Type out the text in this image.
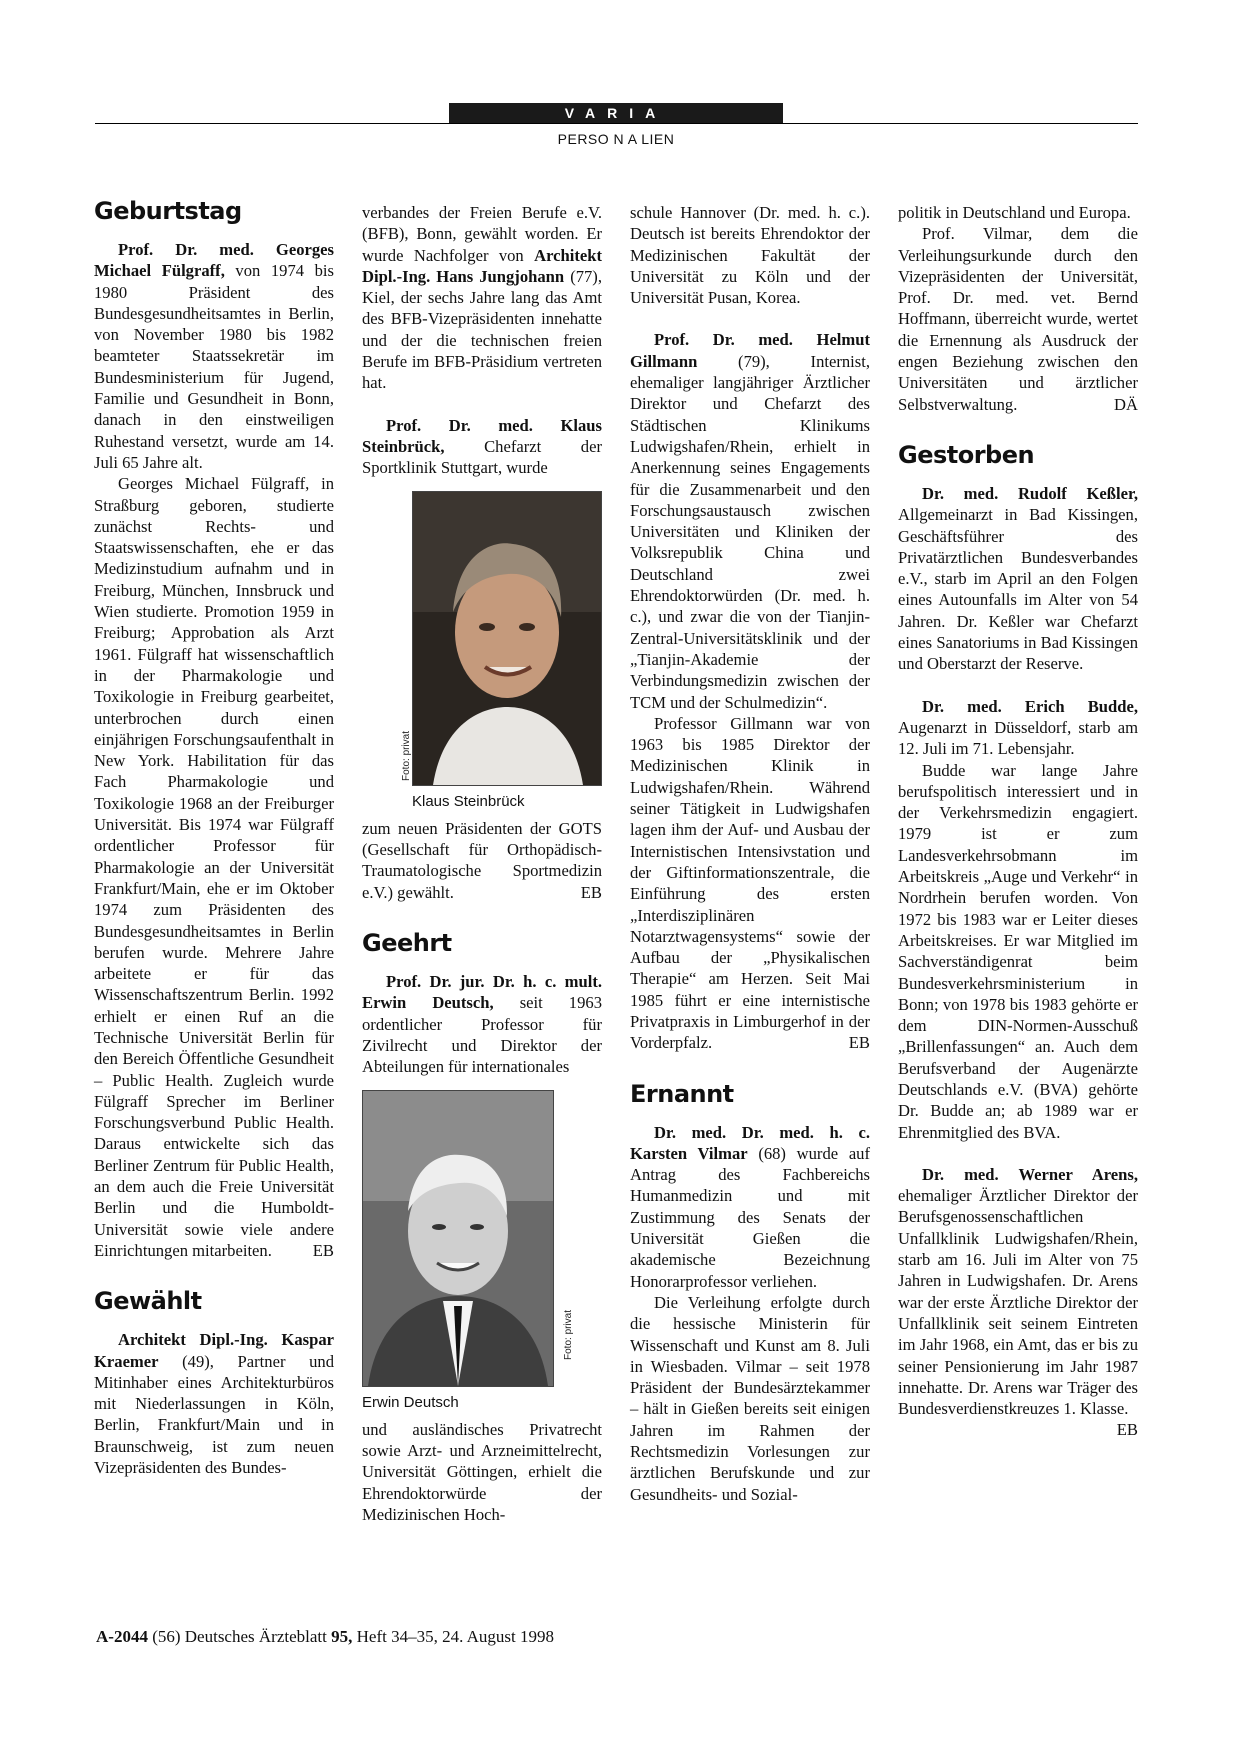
VARIA
PERSO N A LIEN
Geburtstag

Prof. Dr. med. Georges Michael Fülgraff, von 1974 bis 1980 Präsident des Bundesgesundheitsamtes in Berlin, von November 1980 bis 1982 beamteter Staatssekretär im Bundesministerium für Jugend, Familie und Gesundheit in Bonn, danach in den einstweiligen Ruhestand versetzt, wurde am 14. Juli 65 Jahre alt.

Georges Michael Fülgraff, in Straßburg geboren, studierte zunächst Rechts- und Staatswissenschaften, ehe er das Medizinstudium aufnahm und in Freiburg, München, Innsbruck und Wien studierte. Promotion 1959 in Freiburg; Approbation als Arzt 1961. Fülgraff hat wissenschaftlich in der Pharmakologie und Toxikologie in Freiburg gearbeitet, unterbrochen durch einen einjährigen Forschungsaufenthalt in New York. Habilitation für das Fach Pharmakologie und Toxikologie 1968 an der Freiburger Universität. Bis 1974 war Fülgraff ordentlicher Professor für Pharmakologie an der Universität Frankfurt/Main, ehe er im Oktober 1974 zum Präsidenten des Bundesgesundheitsamtes in Berlin berufen wurde. Mehrere Jahre arbeitete er für das Wissenschaftszentrum Berlin. 1992 erhielt er einen Ruf an die Technische Universität Berlin für den Bereich Öffentliche Gesundheit – Public Health. Zugleich wurde Fülgraff Sprecher im Berliner Forschungsverbund Public Health. Daraus entwickelte sich das Berliner Zentrum für Public Health, an dem auch die Freie Universität Berlin und die Humboldt-Universität sowie viele andere Einrichtungen mitarbeiten.	EB

Gewählt

Architekt Dipl.-Ing. Kaspar Kraemer (49), Partner und Mitinhaber eines Architekturbüros mit Niederlassungen in Köln, Berlin, Frankfurt/Main und in Braunschweig, ist zum neuen Vizepräsidenten des Bundes-

verbandes der Freien Berufe e.V. (BFB), Bonn, gewählt worden. Er wurde Nachfolger von Architekt Dipl.-Ing. Hans Jungjohann (77), Kiel, der sechs Jahre lang das Amt des BFB-Vizepräsidenten innehatte und der die technischen freien Berufe im BFB-Präsidium vertreten hat.

Prof. Dr. med. Klaus Steinbrück, Chefarzt der Sportklinik Stuttgart, wurde

Foto: privat
Klaus Steinbrück

zum neuen Präsidenten der GOTS (Gesellschaft für Orthopädisch-Traumatologische Sportmedizin e.V.) gewählt.	EB

Geehrt

Prof. Dr. jur. Dr. h. c. mult. Erwin Deutsch, seit 1963 ordentlicher Professor für Zivilrecht und Direktor der Abteilungen für internationales

Foto: privat
Erwin Deutsch

und ausländisches Privatrecht sowie Arzt- und Arzneimittelrecht, Universität Göttingen, erhielt die Ehrendoktorwürde der Medizinischen Hoch-

schule Hannover (Dr. med. h. c.). Deutsch ist bereits Ehrendoktor der Medizinischen Fakultät der Universität zu Köln und der Universität Pusan, Korea.

Prof. Dr. med. Helmut Gillmann (79), Internist, ehemaliger langjähriger Ärztlicher Direktor und Chefarzt des Städtischen Klinikums Ludwigshafen/Rhein, erhielt in Anerkennung seines Engagements für die Zusammenarbeit und den Forschungsaustausch zwischen Universitäten und Kliniken der Volksrepublik China und Deutschland zwei Ehrendoktorwürden (Dr. med. h. c.), und zwar die von der Tianjin-Zentral-Universitätsklinik und der „Tianjin-Akademie der Verbindungsmedizin zwischen der TCM und der Schulmedizin“.

Professor Gillmann war von 1963 bis 1985 Direktor der Medizinischen Klinik in Ludwigshafen/Rhein. Während seiner Tätigkeit in Ludwigshafen lagen ihm der Auf- und Ausbau der Internistischen Intensivstation und der Giftinformationszentrale, die Einführung des ersten „Interdisziplinären Notarztwagensystems“ sowie der Aufbau der „Physikalischen Therapie“ am Herzen. Seit Mai 1985 führt er eine internistische Privatpraxis in Limburgerhof in der Vorderpfalz.	EB

Ernannt

Dr. med. Dr. med. h. c. Karsten Vilmar (68) wurde auf Antrag des Fachbereichs Humanmedizin und mit Zustimmung des Senats der Universität Gießen die akademische Bezeichnung Honorarprofessor verliehen.

Die Verleihung erfolgte durch die hessische Ministerin für Wissenschaft und Kunst am 8. Juli in Wiesbaden. Vilmar – seit 1978 Präsident der Bundesärztekammer – hält in Gießen bereits seit einigen Jahren im Rahmen der Rechtsmedizin Vorlesungen zur ärztlichen Berufskunde und zur Gesundheits- und Sozial-

politik in Deutschland und Europa.

Prof. Vilmar, dem die Verleihungsurkunde durch den Vizepräsidenten der Universität, Prof. Dr. med. vet. Bernd Hoffmann, überreicht wurde, wertet die Ernennung als Ausdruck der engen Beziehung zwischen den Universitäten und ärztlicher Selbstverwaltung.	DÄ

Gestorben

Dr. med. Rudolf Keßler, Allgemeinarzt in Bad Kissingen, Geschäftsführer des Privatärztlichen Bundesverbandes e.V., starb im April an den Folgen eines Autounfalls im Alter von 54 Jahren. Dr. Keßler war Chefarzt eines Sanatoriums in Bad Kissingen und Oberstarzt der Reserve.

Dr. med. Erich Budde, Augenarzt in Düsseldorf, starb am 12. Juli im 71. Lebensjahr.

Budde war lange Jahre berufspolitisch interessiert und in der Verkehrsmedizin engagiert. 1979 ist er zum Landesverkehrsobmann im Arbeitskreis „Auge und Verkehr“ in Nordrhein berufen worden. Von 1972 bis 1983 war er Leiter dieses Arbeitskreises. Er war Mitglied im Sachverständigenrat beim Bundesverkehrsministerium in Bonn; von 1978 bis 1983 gehörte er dem DIN-Normen-Ausschuß „Brillenfassungen“ an. Auch dem Berufsverband der Augenärzte Deutschlands e.V. (BVA) gehörte Dr. Budde an; ab 1989 war er Ehrenmitglied des BVA.

Dr. med. Werner Arens, ehemaliger Ärztlicher Direktor der Berufsgenossenschaftlichen Unfallklinik Ludwigshafen/Rhein, starb am 16. Juli im Alter von 75 Jahren in Ludwigshafen. Dr. Arens war der erste Ärztliche Direktor der Unfallklinik seit seinem Eintreten im Jahr 1968, ein Amt, das er bis zu seiner Pensionierung im Jahr 1987 innehatte. Dr. Arens war Träger des Bundesverdienstkreuzes 1. Klasse.
EB

A-2044 (56) Deutsches Ärzteblatt 95, Heft 34–35, 24. August 1998
